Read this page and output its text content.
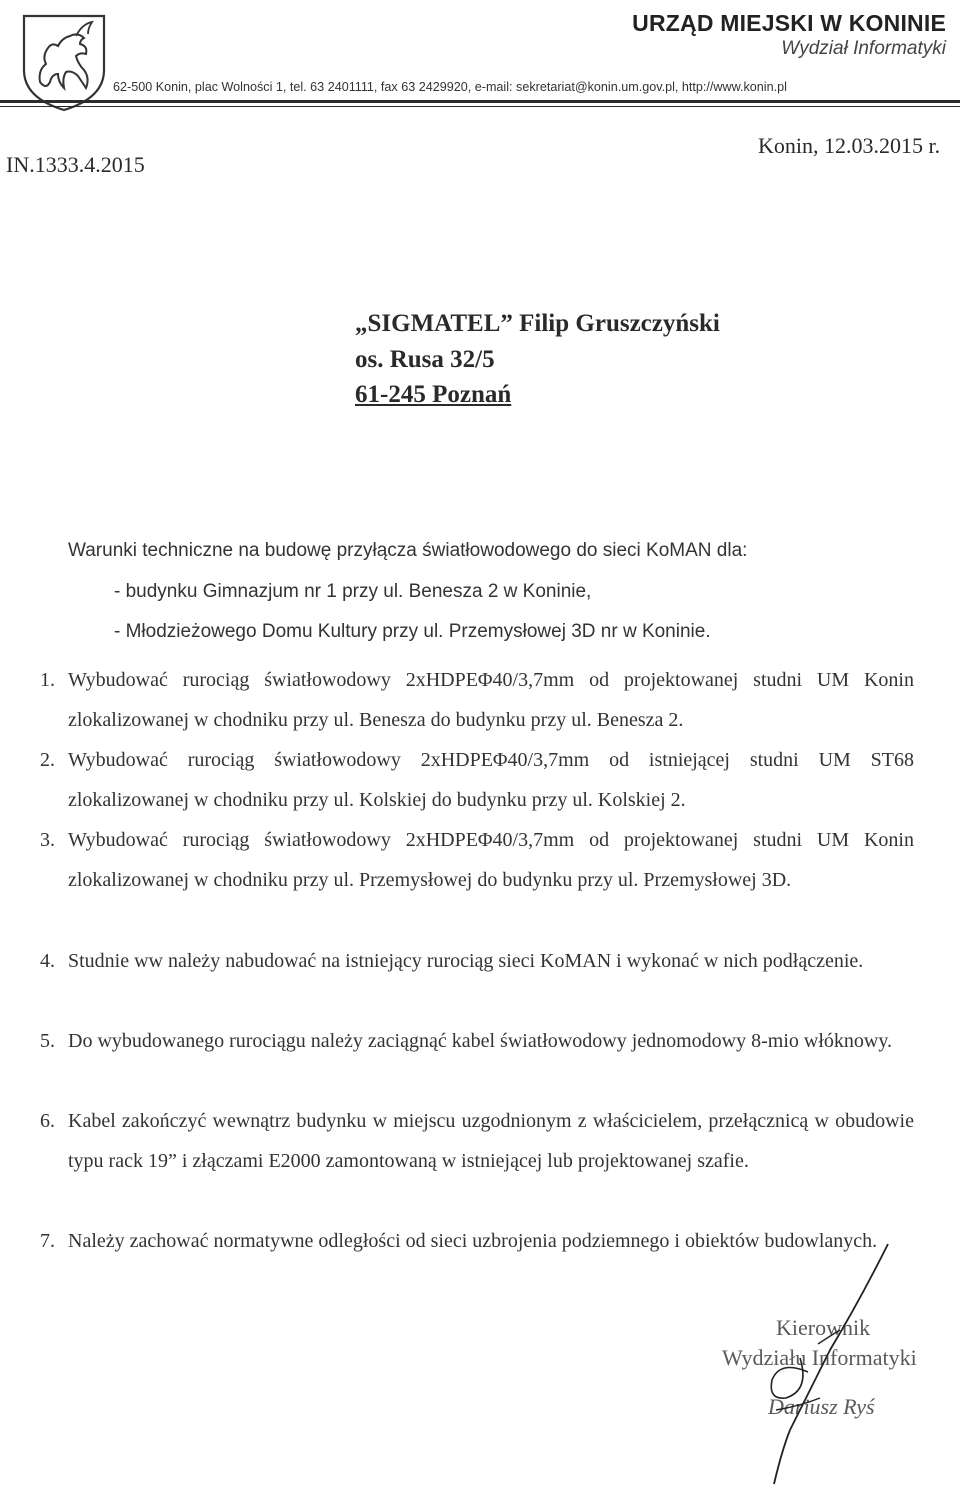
URZĄD MIEJSKI W KONINIE
Wydział Informatyki
62-500 Konin, plac Wolności 1, tel. 63 2401111, fax 63 2429920, e-mail: sekretariat@konin.um.gov.pl, http://www.konin.pl
IN.1333.4.2015
Konin, 12.03.2015 r.
„SIGMATEL” Filip Gruszczyński
os. Rusa 32/5
61-245 Poznań
Warunki techniczne na budowę przyłącza światłowodowego do sieci KoMAN dla:
- budynku Gimnazjum nr 1 przy ul. Benesza 2 w Koninie,
- Młodzieżowego Domu Kultury przy ul. Przemysłowej 3D nr w Koninie.
1. Wybudować rurociąg światłowodowy 2xHDPEΦ40/3,7mm od projektowanej studni UM Konin zlokalizowanej w chodniku przy ul. Benesza do budynku przy ul. Benesza 2.
2. Wybudować rurociąg światłowodowy 2xHDPEΦ40/3,7mm od istniejącej studni UM ST68 zlokalizowanej w chodniku przy ul. Kolskiej do budynku przy ul. Kolskiej 2.
3. Wybudować rurociąg światłowodowy 2xHDPEΦ40/3,7mm od projektowanej studni UM Konin zlokalizowanej w chodniku przy ul. Przemysłowej do budynku przy ul. Przemysłowej 3D.
4. Studnie ww należy nabudować na istniejący rurociąg sieci KoMAN i wykonać w nich podłączenie.
5. Do wybudowanego rurociągu należy zaciągnąć kabel światłowodowy jednomodowy 8-mio włóknowy.
6. Kabel zakończyć wewnątrz budynku w miejscu uzgodnionym z właścicielem, przełącznicą w obudowie typu rack 19” i złączami E2000 zamontowaną w istniejącej lub projektowanej szafie.
7. Należy zachować normatywne odległości od sieci uzbrojenia podziemnego i obiektów budowlanych.
Kierownik
Wydziału Informatyki
Dariusz Ryś
